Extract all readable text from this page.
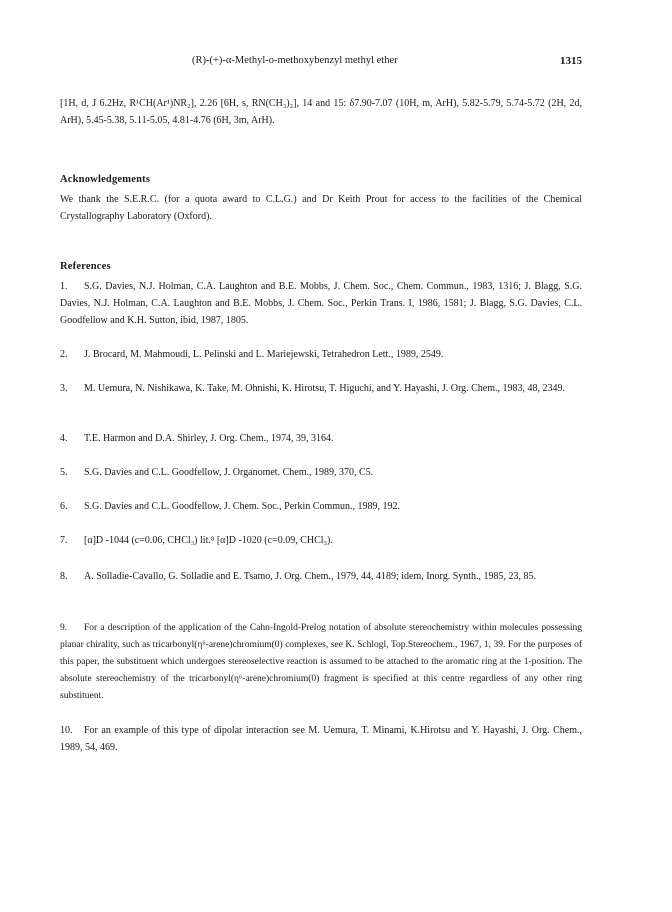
(R)-(+)-α-Methyl-o-methoxybenzyl methyl ether	1315
[1H, d, J 6.2Hz, R¹CH(Ar¹)NR₂], 2.26 [6H, s, RN(CH₃)₂], 14 and 15: δ7.90-7.07 (10H, m, ArH), 5.82-5.79, 5.74-5.72 (2H, 2d, ArH), 5.45-5.38, 5.11-5.05, 4.81-4.76 (6H, 3m, ArH).
Acknowledgements
We thank the S.E.R.C. (for a quota award to C.L.G.) and Dr Keith Prout for access to the facilities of the Chemical Crystallography Laboratory (Oxford).
References
1. S.G. Davies, N.J. Holman, C.A. Laughton and B.E. Mobbs, J. Chem. Soc., Chem. Commun., 1983, 1316; J. Blagg, S.G. Davies, N.J. Holman, C.A. Laughton and B.E. Mobbs, J. Chem. Soc., Perkin Trans. I, 1986, 1581; J. Blagg, S.G. Davies, C.L. Goodfellow and K.H. Sutton, ibid, 1987, 1805.
2. J. Brocard, M. Mahmoudi, L. Pelinski and L. Mariejewski, Tetrahedron Lett., 1989, 2549.
3. M. Uemura, N. Nishikawa, K. Take, M. Ohnishi, K. Hirotsu, T. Higuchi, and Y. Hayashi, J. Org. Chem., 1983, 48, 2349.
4. T.E. Harmon and D.A. Shirley, J. Org. Chem., 1974, 39, 3164.
5. S.G. Davies and C.L. Goodfellow, J. Organomet. Chem., 1989, 370, C5.
6. S.G. Davies and C.L. Goodfellow, J. Chem. Soc., Perkin Commun., 1989, 192.
7. [α]D -1044 (c=0.06, CHCl₃) lit.⁸ [α]D -1020 (c=0.09, CHCl₃).
8. A. Solladie-Cavallo, G. Solladie and E. Tsamo, J. Org. Chem., 1979, 44, 4189; idem, Inorg. Synth., 1985, 23, 85.
9. For a description of the application of the Cahn-Ingold-Prelog notation of absolute stereochemistry within molecules possessing planar chirality, such as tricarbonyl(η⁶-arene)chromium(0) complexes, see K. Schlogl, Top.Stereochem., 1967, 1, 39. For the purposes of this paper, the substituent which undergoes stereoselective reaction is assumed to be attached to the aromatic ring at the 1-position. The absolute stereochemistry of the tricarbonyl(η⁶-arene)chromium(0) fragment is specified at this centre regardless of any other ring substituent.
10. For an example of this type of dipolar interaction see M. Uemura, T. Minami, K.Hirotsu and Y. Hayashi, J. Org. Chem., 1989, 54, 469.
